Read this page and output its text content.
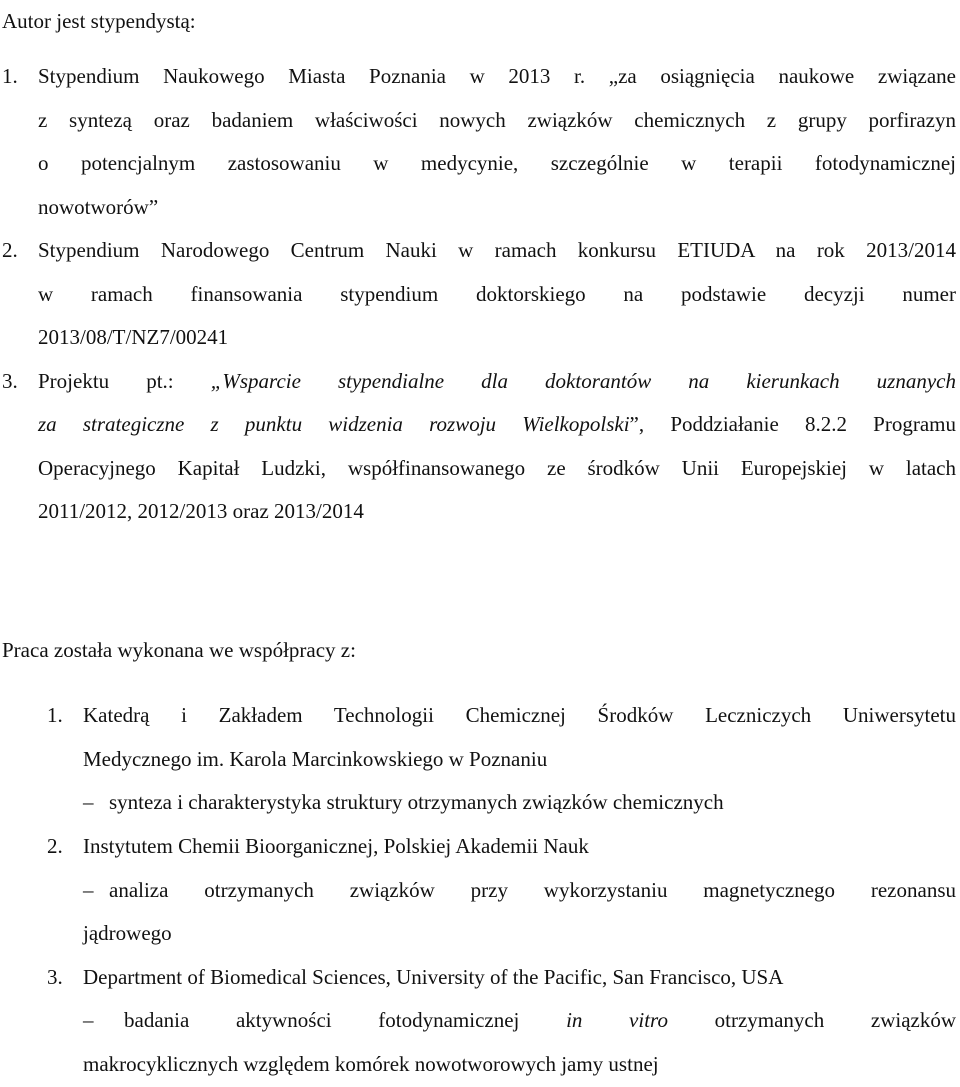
Autor jest stypendystą:
1. Stypendium Naukowego Miasta Poznania w 2013 r. „za osiągnięcia naukowe związane
z syntezą oraz badaniem właściwości nowych związków chemicznych z grupy porfirazyn
o potencjalnym zastosowaniu w medycynie, szczególnie w terapii fotodynamicznej
nowotworów”
2. Stypendium Narodowego Centrum Nauki w ramach konkursu ETIUDA na rok 2013/2014
w ramach finansowania stypendium doktorskiego na podstawie decyzji numer
2013/08/T/NZ7/00241
3. Projektu pt.: „Wsparcie stypendialne dla doktorantów na kierunkach uznanych
za strategiczne z punktu widzenia rozwoju Wielkopolski”, Poddziałanie 8.2.2 Programu
Operacyjnego Kapitał Ludzki, współfinansowanego ze środków Unii Europejskiej w latach
2011/2012, 2012/2013 oraz 2013/2014
Praca została wykonana we współpracy z:
1. Katedrą i Zakładem Technologii Chemicznej Środków Leczniczych Uniwersytetu
Medycznego im. Karola Marcinkowskiego w Poznaniu
– synteza i charakterystyka struktury otrzymanych związków chemicznych
2. Instytutem Chemii Bioorganicznej, Polskiej Akademii Nauk
– analiza otrzymanych związków przy wykorzystaniu magnetycznego rezonansu
jądrowego
3. Department of Biomedical Sciences, University of the Pacific, San Francisco, USA
– badania aktywności fotodynamicznej in vitro otrzymanych związków
makrocyklicznych względem komórek nowotworowych jamy ustnej
